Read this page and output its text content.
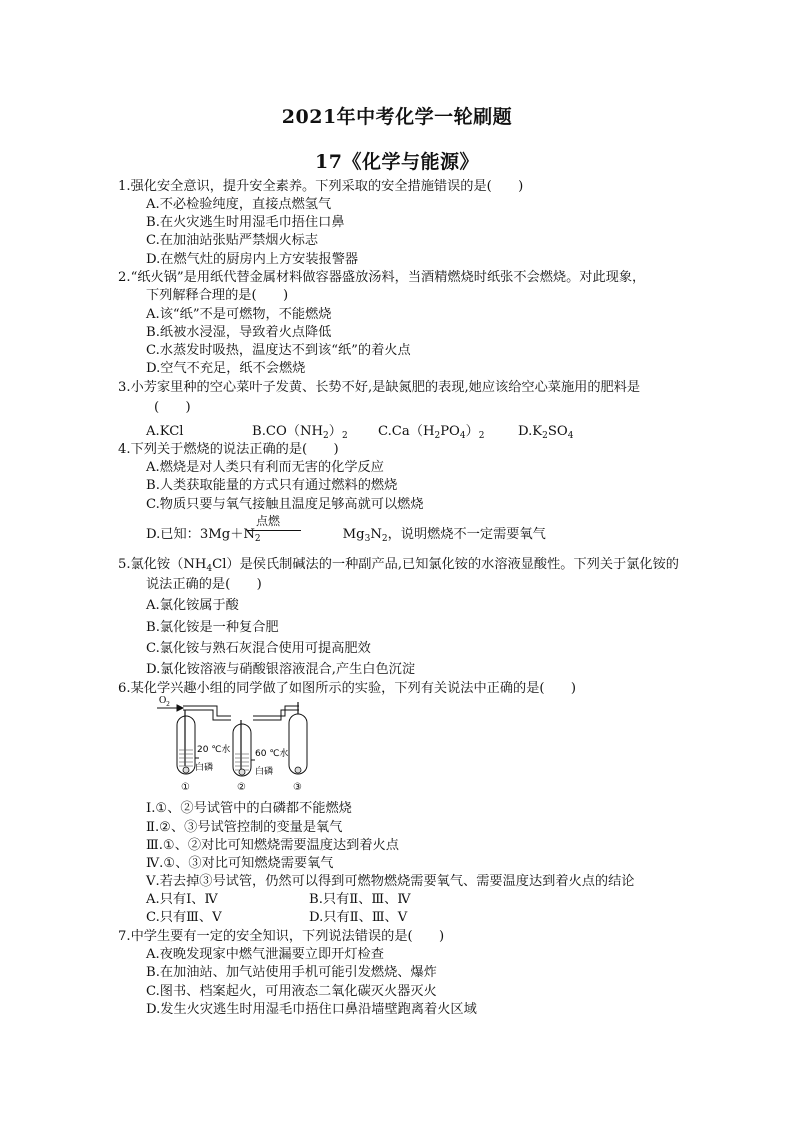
2021年中考化学一轮刷题
17《化学与能源》
1.强化安全意识，提升安全素养。下列采取的安全措施错误的是(　　)
A.不必检验纯度，直接点燃氢气
B.在火灾逃生时用湿毛巾捂住口鼻
C.在加油站张贴严禁烟火标志
D.在燃气灶的厨房内上方安装报警器
2.“纸火锅”是用纸代替金属材料做容器盛放汤料，当酒精燃烧时纸张不会燃烧。对此现象，
下列解释合理的是(　　)
A.该“纸”不是可燃物，不能燃烧
B.纸被水浸湿，导致着火点降低
C.水蒸发时吸热，温度达不到该“纸”的着火点
D.空气不充足，纸不会燃烧
3.小芳家里种的空心菜叶子发黄、长势不好,是缺氮肥的表现,她应该给空心菜施用的肥料是
(　　)
A.KCl	$B.CO(NH_2)_2$ $C.Ca(H_2PO_4)_2$	$D.K_2SO_4$
4.下列关于燃烧的说法正确的是(　　)
A.燃烧是对人类只有利而无害的化学反应
B.人类获取能量的方式只有通过燃料的燃烧
C.物质只要与氧气接触且温度足够高就可以燃烧
D.已知：$3Mg+N_2$	$Mg_3N_2$，说明燃烧不一定需要氧气
点燃
5.氯化铵$(NH_4Cl)$是侯氏制碱法的一种副产品,已知氯化铵的水溶液显酸性。下列关于氯化铵的
说法正确的是(　　)
A.氯化铵属于酸
B.氯化铵是一种复合肥
C.氯化铵与熟石灰混合使用可提高肥效
D.氯化铵溶液与硝酸银溶液混合,产生白色沉淀
6.某化学兴趣小组的同学做了如图所示的实验，下列有关说法中正确的是(　　)
$O_2$
20 ℃水
白磷
60 ℃水
白磷
①	②	③
Ⅰ.①、②号试管中的白磷都不能燃烧
Ⅱ.②、③号试管控制的变量是氧气
Ⅲ.①、②对比可知燃烧需要温度达到着火点
Ⅳ.①、③对比可知燃烧需要氧气
Ⅴ.若去掉③号试管，仍然可以得到可燃物燃烧需要氧气、需要温度达到着火点的结论
A.只有Ⅰ、Ⅳ	B.只有Ⅱ、Ⅲ、Ⅳ
C.只有Ⅲ、Ⅴ	D.只有Ⅱ、Ⅲ、Ⅴ
7.中学生要有一定的安全知识，下列说法错误的是(　　)
A.夜晚发现家中燃气泄漏要立即开灯检查
B.在加油站、加气站使用手机可能引发燃烧、爆炸
C.图书、档案起火，可用液态二氧化碳灭火器灭火
D.发生火灾逃生时用湿毛巾捂住口鼻沿墙壁跑离着火区域
